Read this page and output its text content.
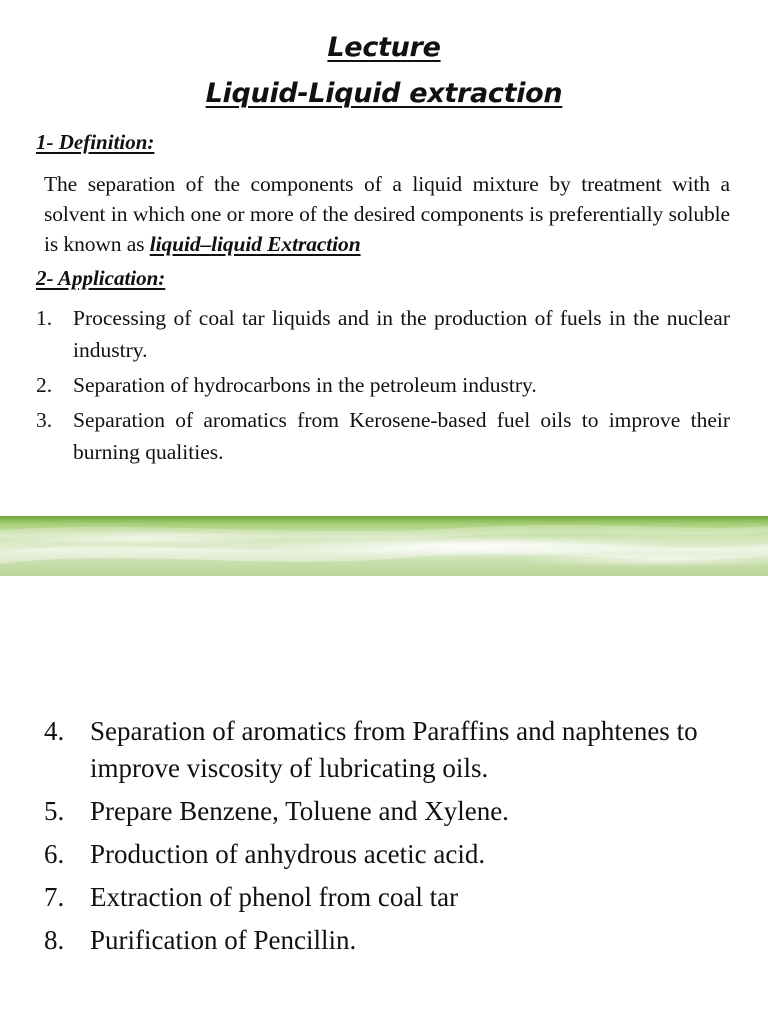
Lecture
Liquid-Liquid extraction
1- Definition:

The separation of the components of a liquid mixture by treatment with a solvent in which one or more of the desired components is preferentially soluble is known as liquid–liquid Extraction

2- Application:
1. Processing of coal tar liquids and in the production of fuels in the nuclear industry.
2. Separation of hydrocarbons in the petroleum industry.
3. Separation of aromatics from Kerosene-based fuel oils to improve their burning qualities.
4. Separation of aromatics from Paraffins and naphtenes to improve viscosity of lubricating oils.
5. Prepare Benzene, Toluene and Xylene.
6. Production of anhydrous acetic acid.
7. Extraction of phenol from coal tar
8. Purification of Pencillin.
